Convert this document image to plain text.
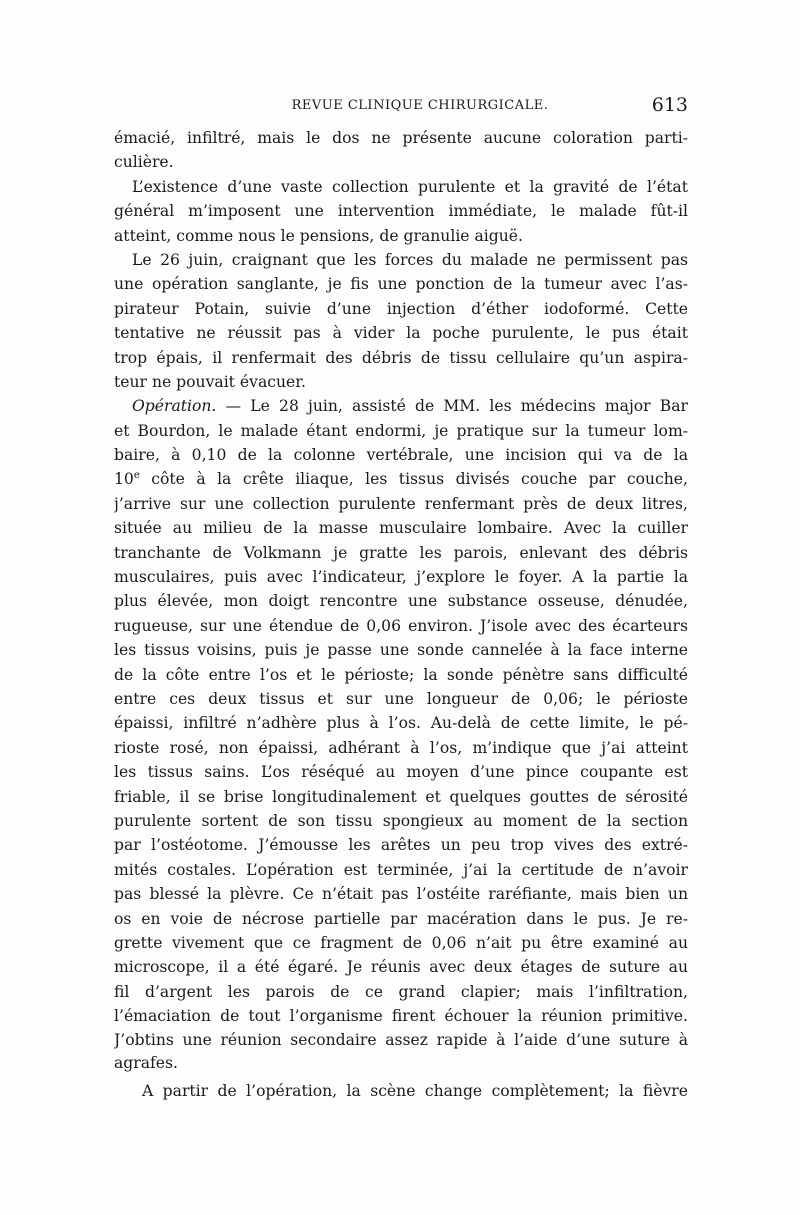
REVUE CLINIQUE CHIRURGICALE.	613
émacié, infiltré, mais le dos ne présente aucune coloration parti-
culière.
L’existence d’une vaste collection purulente et la gravité de l’état
général m’imposent une intervention immédiate, le malade fût-il
atteint, comme nous le pensions, de granulie aiguë.
Le 26 juin, craignant que les forces du malade ne permissent pas
une opération sanglante, je fis une ponction de la tumeur avec l’as-
pirateur Potain, suivie d’une injection d’éther iodoformé. Cette
tentative ne réussit pas à vider la poche purulente, le pus était
trop épais, il renfermait des débris de tissu cellulaire qu’un aspira-
teur ne pouvait évacuer.
Opération. — Le 28 juin, assisté de MM. les médecins major Bar
et Bourdon, le malade étant endormi, je pratique sur la tumeur lom-
baire, à 0,10 de la colonne vertébrale, une incision qui va de la
10e côte à la crête iliaque, les tissus divisés couche par couche,
j’arrive sur une collection purulente renfermant près de deux litres,
située au milieu de la masse musculaire lombaire. Avec la cuiller
tranchante de Volkmann je gratte les parois, enlevant des débris
musculaires, puis avec l’indicateur, j’explore le foyer. A la partie la
plus élevée, mon doigt rencontre une substance osseuse, dénudée,
rugueuse, sur une étendue de 0,06 environ. J’isole avec des écarteurs
les tissus voisins, puis je passe une sonde cannelée à la face interne
de la côte entre l’os et le périoste; la sonde pénètre sans difficulté
entre ces deux tissus et sur une longueur de 0,06; le périoste
épaissi, infiltré n’adhère plus à l’os. Au-delà de cette limite, le pé-
rioste rosé, non épaissi, adhérant à l’os, m’indique que j’ai atteint
les tissus sains. L’os réséqué au moyen d’une pince coupante est
friable, il se brise longitudinalement et quelques gouttes de sérosité
purulente sortent de son tissu spongieux au moment de la section
par l’ostéotome. J’émousse les arêtes un peu trop vives des extré-
mités costales. L’opération est terminée, j’ai la certitude de n’avoir
pas blessé la plèvre. Ce n’était pas l’ostéite raréfiante, mais bien un
os en voie de nécrose partielle par macération dans le pus. Je re-
grette vivement que ce fragment de 0,06 n’ait pu être examiné au
microscope, il a été égaré. Je réunis avec deux étages de suture au
fil d’argent les parois de ce grand clapier; mais l’infiltration,
l’émaciation de tout l’organisme firent échouer la réunion primitive.
J’obtins une réunion secondaire assez rapide à l’aide d’une suture à
agrafes.
A partir de l’opération, la scène change complètement; la fièvre
